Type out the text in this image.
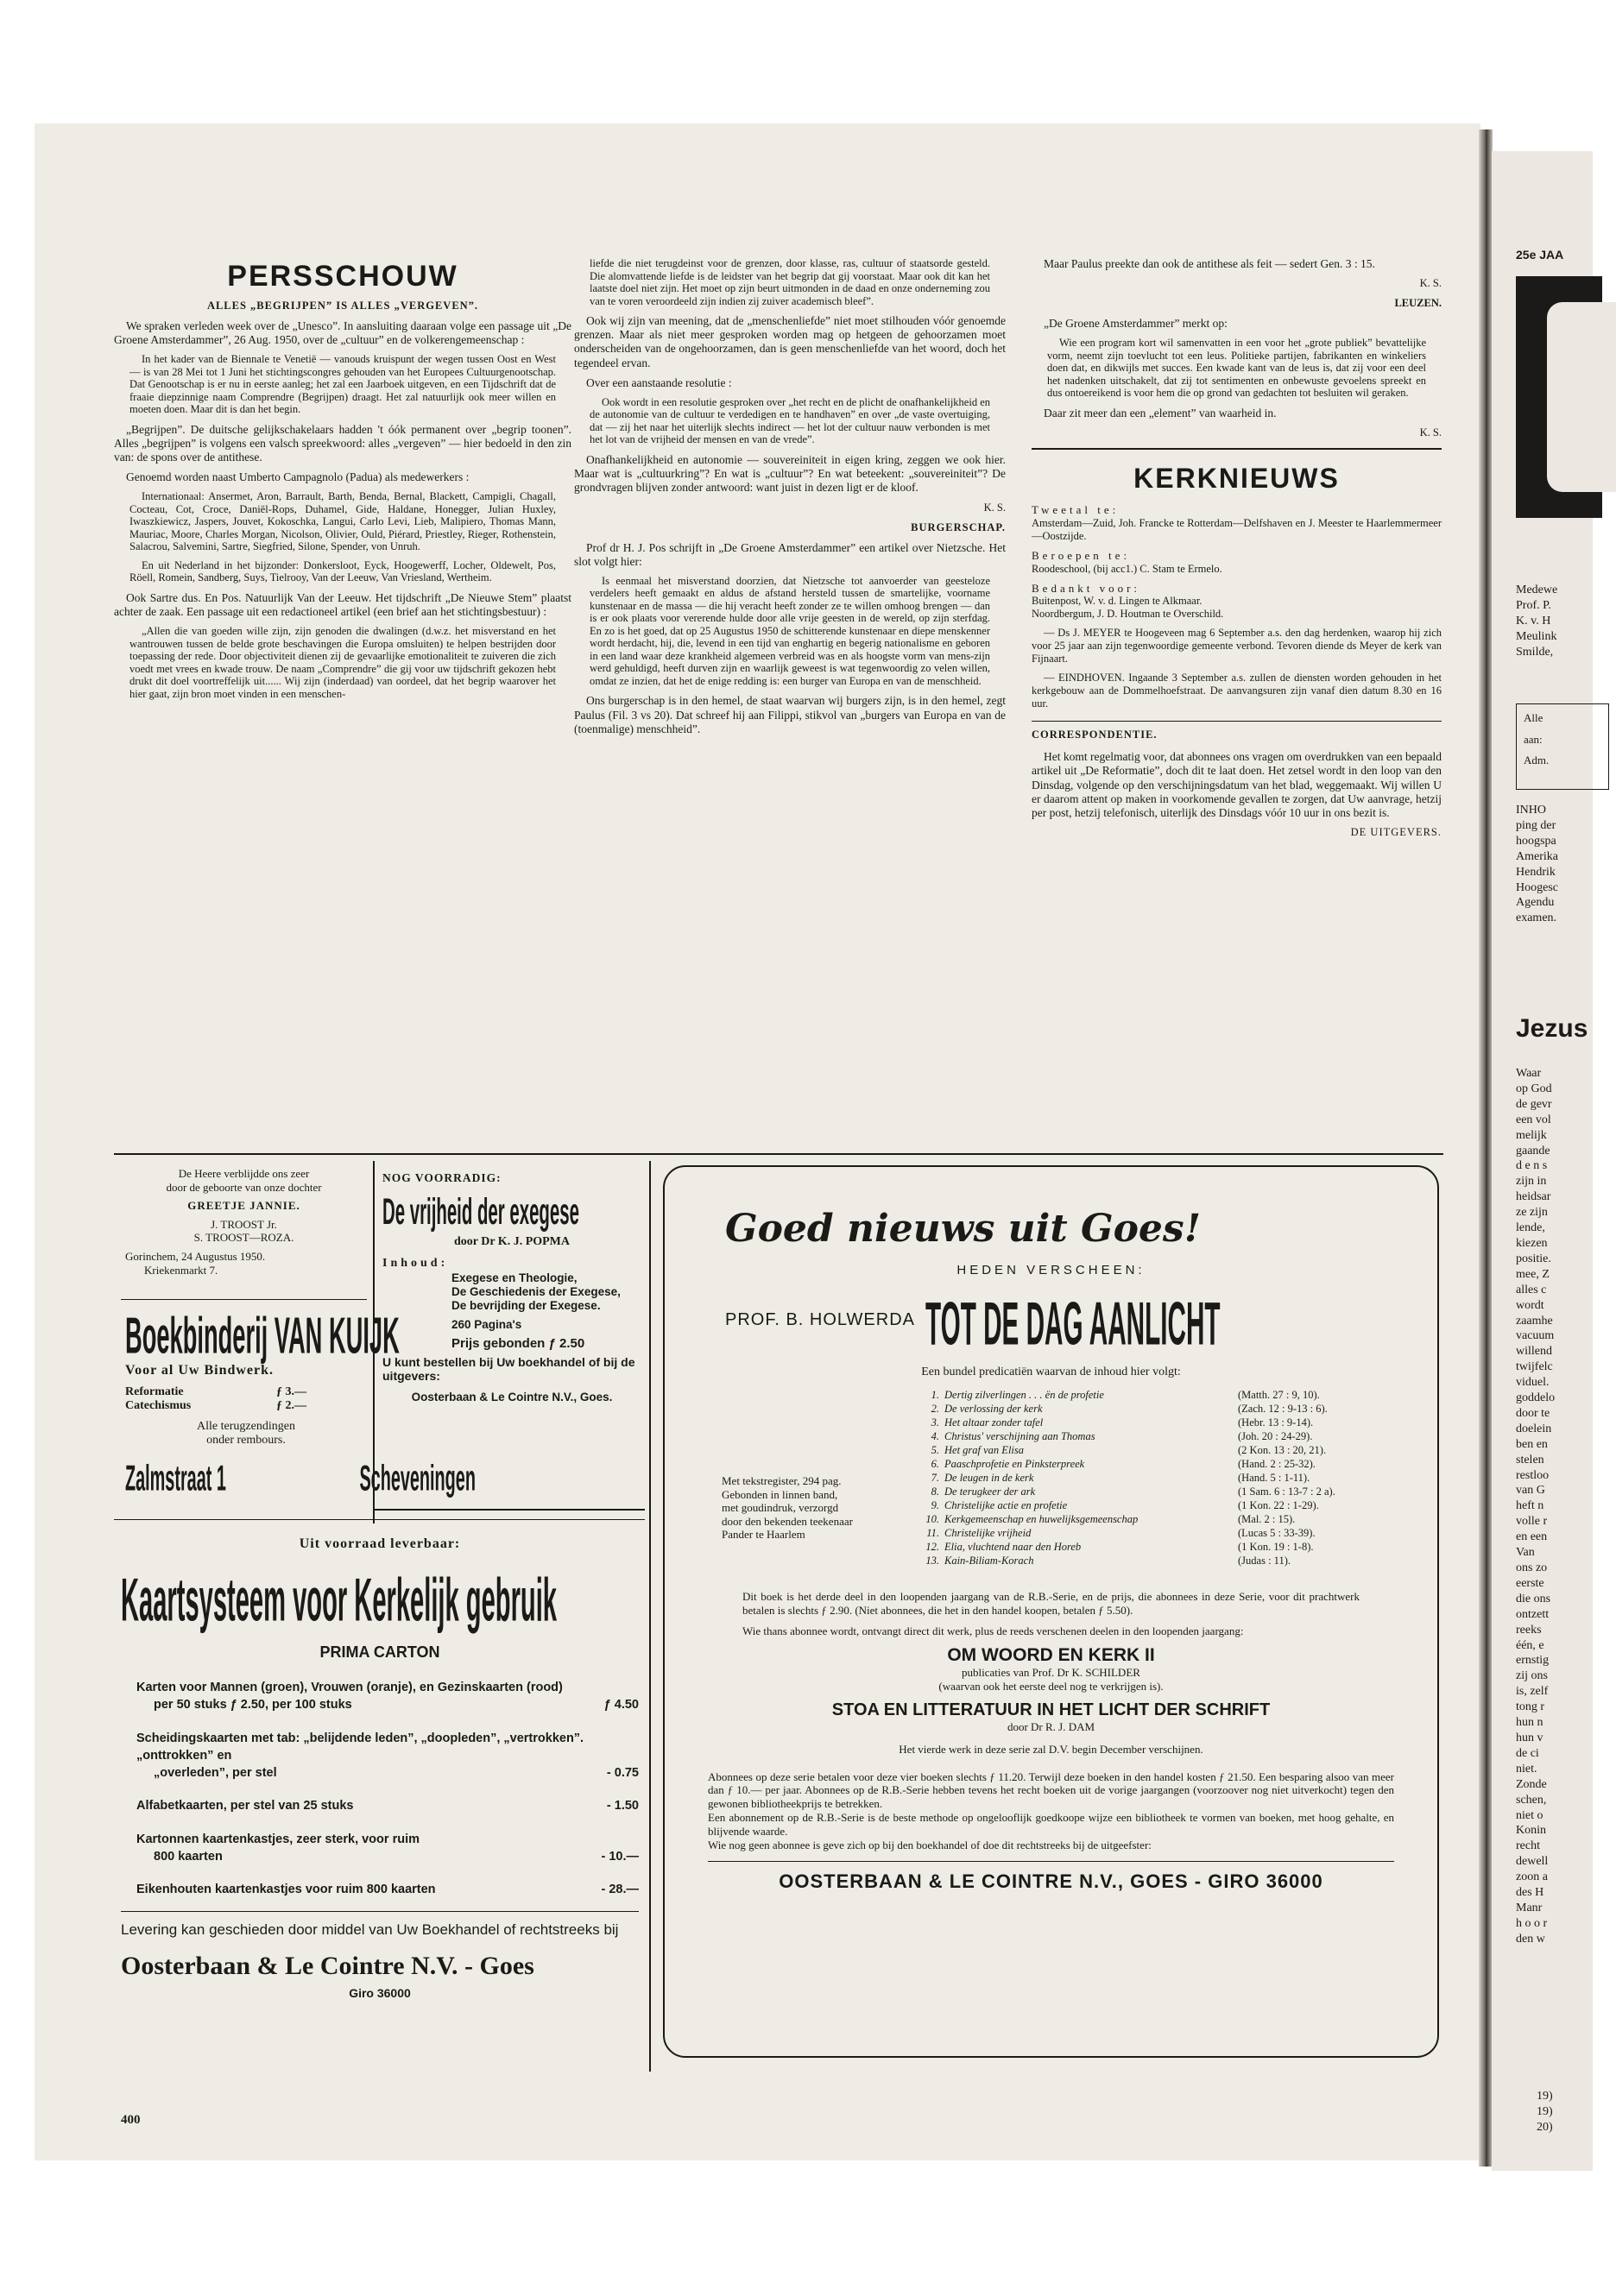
PERSSCHOUW
ALLES „BEGRIJPEN” IS ALLES „VERGEVEN”.

We spraken verleden week over de „Unesco”. In aansluiting daaraan volge een passage uit „De Groene Amsterdammer”, 26 Aug. 1950, over de „cultuur” en de volkerengemeenschap :

In het kader van de Biennale te Venetië — vanouds kruispunt der wegen tussen Oost en West — is van 28 Mei tot 1 Juni het stichtingscongres gehouden van het Europees Cultuurgenootschap. Dat Genootschap is er nu in eerste aanleg; het zal een Jaarboek uitgeven, en een Tijdschrift dat de fraaie diepzinnige naam Comprendre (Begrijpen) draagt. Het zal natuurlijk ook meer willen en moeten doen. Maar dit is dan het begin.

„Begrijpen”. De duitsche gelijkschakelaars hadden 't óók permanent over „begrip toonen”. Alles „begrijpen” is volgens een valsch spreekwoord: alles „vergeven” — hier bedoeld in den zin van: de spons over de antithese.

Genoemd worden naast Umberto Campagnolo (Padua) als medewerkers :

Internationaal: Ansermet, Aron, Barrault, Barth, Benda, Bernal, Blackett, Campigli, Chagall, Cocteau, Cot, Croce, Daniël-Rops, Duhamel, Gide, Haldane, Honegger, Julian Huxley, Iwaszkiewicz, Jaspers, Jouvet, Kokoschka, Langui, Carlo Levi, Lieb, Malipiero, Thomas Mann, Mauriac, Moore, Charles Morgan, Nicolson, Olivier, Ould, Piérard, Priestley, Rieger, Rothenstein, Salacrou, Salvemini, Sartre, Siegfried, Silone, Spender, von Unruh.

En uit Nederland in het bijzonder: Donkersloot, Eyck, Hoogewerff, Locher, Oldewelt, Pos, Röell, Romein, Sandberg, Suys, Tielrooy, Van der Leeuw, Van Vriesland, Wertheim.

Ook Sartre dus. En Pos. Natuurlijk Van der Leeuw. Het tijdschrift „De Nieuwe Stem” plaatst achter de zaak. Een passage uit een redactioneel artikel (een brief aan het stichtingsbestuur) :

„Allen die van goeden wille zijn, zijn genoden die dwalingen (d.w.z. het misverstand en het wantrouwen tussen de belde grote beschavingen die Europa omsluiten) te helpen bestrijden door toepassing der rede. Door objectiviteit dienen zij de gevaarlijke emotionaliteit te zuiveren die zich voedt met vrees en kwade trouw. De naam „Comprendre” die gij voor uw tijdschrift gekozen hebt drukt dit doel voortreffelijk uit...... Wij zijn (inderdaad) van oordeel, dat het begrip waarover het hier gaat, zijn bron moet vinden in een menschen-

liefde die niet terugdeinst voor de grenzen, door klasse, ras, cultuur of staatsorde gesteld. Die alomvattende liefde is de leidster van het begrip dat gij voorstaat. Maar ook dit kan het laatste doel niet zijn. Het moet op zijn beurt uitmonden in de daad en onze onderneming zou van te voren veroordeeld zijn indien zij zuiver academisch bleef”.

Ook wij zijn van meening, dat de „menschenliefde” niet moet stilhouden vóór genoemde grenzen. Maar als niet meer gesproken worden mag op hetgeen de gehoorzamen moet onderscheiden van de ongehoorzamen, dan is geen menschenliefde van het woord, doch het tegendeel ervan.

Over een aanstaande resolutie :

Ook wordt in een resolutie gesproken over „het recht en de plicht de onafhankelijkheid en de autonomie van de cultuur te verdedigen en te handhaven” en over „de vaste overtuiging, dat — zij het naar het uiterlijk slechts indirect — het lot der cultuur nauw verbonden is met het lot van de vrijheid der mensen en van de vrede”.

Onafhankelijkheid en autonomie — souvereiniteit in eigen kring, zeggen we ook hier. Maar wat is „cultuurkring”? En wat is „cultuur”? En wat beteekent: „souvereiniteit”? De grondvragen blijven zonder antwoord: want juist in dezen ligt er de kloof.

K. S.
BURGERSCHAP.

Prof dr H. J. Pos schrijft in „De Groene Amsterdammer” een artikel over Nietzsche. Het slot volgt hier:

Is eenmaal het misverstand doorzien, dat Nietzsche tot aanvoerder van geesteloze verdelers heeft gemaakt en aldus de afstand hersteld tussen de smartelijke, voorname kunstenaar en de massa — die hij veracht heeft zonder ze te willen omhoog brengen — dan is er ook plaats voor vererende hulde door alle vrije geesten in de wereld, op zijn sterfdag. En zo is het goed, dat op 25 Augustus 1950 de schitterende kunstenaar en diepe menskenner wordt herdacht, hij, die, levend in een tijd van enghartig en begerig nationalisme en geboren in een land waar deze krankheid algemeen verbreid was en als hoogste vorm van mens-zijn werd gehuldigd, heeft durven zijn en waarlijk geweest is wat tegenwoordig zo velen willen, omdat ze inzien, dat het de enige redding is: een burger van Europa en van de menschheid.

Ons burgerschap is in den hemel, de staat waarvan wij burgers zijn, is in den hemel, zegt Paulus (Fil. 3 vs 20). Dat schreef hij aan Filippi, stikvol van „burgers van Europa en van de (toenmalige) menschheid”.

Maar Paulus preekte dan ook de antithese als feit — sedert Gen. 3 : 15.

K. S.
LEUZEN.

„De Groene Amsterdammer” merkt op:

Wie een program kort wil samenvatten in een voor het „grote publiek” bevattelijke vorm, neemt zijn toevlucht tot een leus. Politieke partijen, fabrikanten en winkeliers doen dat, en dikwijls met succes. Een kwade kant van de leus is, dat zij voor een deel het nadenken uitschakelt, dat zij tot sentimenten en onbewuste gevoelens spreekt en dus ontoereikend is voor hem die op grond van gedachten tot besluiten wil geraken.

Daar zit meer dan een „element” van waarheid in.

K. S.
KERKNIEUWS
Tweetal te:

Amsterdam—Zuid, Joh. Francke te Rotterdam—Delfshaven en J. Meester te Haarlemmermeer—Oostzijde.

Beroepen te:

Roodeschool, (bij acc1.) C. Stam te Ermelo.

Bedankt voor:

Buitenpost, W. v. d. Lingen te Alkmaar.

Noordbergum, J. D. Houtman te Overschild.

— Ds J. MEYER te Hoogeveen mag 6 September a.s. den dag herdenken, waarop hij zich voor 25 jaar aan zijn tegenwoordige gemeente verbond. Tevoren diende ds Meyer de kerk van Fijnaart.

— EINDHOVEN. Ingaande 3 September a.s. zullen de diensten worden gehouden in het kerkgebouw aan de Dommelhoefstraat. De aanvangsuren zijn vanaf dien datum 8.30 en 16 uur.

CORRESPONDENTIE.

Het komt regelmatig voor, dat abonnees ons vragen om overdrukken van een bepaald artikel uit „De Reformatie”, doch dit te laat doen. Het zetsel wordt in den loop van den Dinsdag, volgende op den verschijningsdatum van het blad, weggemaakt. Wij willen U er daarom attent op maken in voorkomende gevallen te zorgen, dat Uw aanvrage, hetzij per post, hetzij telefonisch, uiterlijk des Dinsdags vóór 10 uur in ons bezit is.

DE UITGEVERS.
De Heere verblijdde ons zeer
door de geboorte van onze dochter
GREETJE JANNIE.
J. TROOST Jr.
S. TROOST—ROZA.
Gorinchem, 24 Augustus 1950.
Kriekenmarkt 7.
Boekbinderij VAN KUIJK
Voor al Uw Bindwerk.
Reformatie	ƒ 3.—
Catechismus	ƒ 2.—
Alle terugzendingen
onder rembours.
Zalmstraat 1	Scheveningen
NOG VOORRADIG:
De vrijheid der exegese
door Dr K. J. POPMA
Inhoud:
Exegese en Theologie,
De Geschiedenis der Exegese,
De bevrijding der Exegese.
260 Pagina's
Prijs gebonden ƒ 2.50
U kunt bestellen bij Uw boekhandel of bij de uitgevers:
Oosterbaan & Le Cointre N.V., Goes.
Uit voorraad leverbaar:
Kaartsysteem voor Kerkelijk gebruik
PRIMA CARTON
Karten voor Mannen (groen), Vrouwen (oranje), en Gezinskaarten (rood)
per 50 stuks ƒ 2.50, per 100 stuks	ƒ 4.50
Scheidingskaarten met tab: „belijdende leden”, „doopleden”, „vertrokken”. „onttrokken” en
„overleden”, per stel	- 0.75
Alfabetkaarten, per stel van 25 stuks	- 1.50
Kartonnen kaartenkastjes, zeer sterk, voor ruim
800 kaarten	- 10.—
Eikenhouten kaartenkastjes voor ruim 800 kaarten	- 28.—
Levering kan geschieden door middel van Uw Boekhandel of rechtstreeks bij
Oosterbaan & Le Cointre N.V. - Goes
Giro 36000
Goed nieuws uit Goes!
HEDEN VERSCHEEN:
PROF. B. HOLWERDA TOT DE DAG AANLICHT
Een bundel predicatiën waarvan de inhoud hier volgt:
Met tekstregister, 294 pag.
Gebonden in linnen band,
met goudindruk, verzorgd
door den bekenden teekenaar
Pander te Haarlem
1. Dertig zilverlingen . . . ën de profetie	(Matth. 27 : 9, 10).
2. De verlossing der kerk	(Zach. 12 : 9-13 : 6).
3. Het altaar zonder tafel	(Hebr. 13 : 9-14).
4. Christus' verschijning aan Thomas	(Joh. 20 : 24-29).
5. Het graf van Elisa	(2 Kon. 13 : 20, 21).
6. Paaschprofetie en Pinksterpreek	(Hand. 2 : 25-32).
7. De leugen in de kerk	(Hand. 5 : 1-11).
8. De terugkeer der ark	(1 Sam. 6 : 13-7 : 2 a).
9. Christelijke actie en profetie	(1 Kon. 22 : 1-29).
10. Kerkgemeenschap en huwelijksgemeenschap	(Mal. 2 : 15).
11. Christelijke vrijheid	(Lucas 5 : 33-39).
12. Elia, vluchtend naar den Horeb	(1 Kon. 19 : 1-8).
13. Kain-Biliam-Korach	(Judas : 11).

Dit boek is het derde deel in den loopenden jaargang van de R.B.-Serie, en de prijs, die abonnees in deze Serie, voor dit prachtwerk betalen is slechts ƒ 2.90. (Niet abonnees, die het in den handel koopen, betalen ƒ 5.50).

Wie thans abonnee wordt, ontvangt direct dit werk, plus de reeds verschenen deelen in den loopenden jaargang:

OM WOORD EN KERK II
publicaties van Prof. Dr K. SCHILDER
(waarvan ook het eerste deel nog te verkrijgen is).
STOA EN LITTERATUUR IN HET LICHT DER SCHRIFT
door Dr R. J. DAM
Het vierde werk in deze serie zal D.V. begin December verschijnen.

Abonnees op deze serie betalen voor deze vier boeken slechts ƒ 11.20. Terwijl deze boeken in den handel kosten ƒ 21.50. Een besparing alsoo van meer dan ƒ 10.— per jaar. Abonnees op de R.B.-Serie hebben tevens het recht boeken uit de vorige jaargangen (voorzoover nog niet uitverkocht) tegen den gewonen bibliotheekprijs te betrekken.

Een abonnement op de R.B.-Serie is de beste methode op ongelooflijk goedkoope wijze een bibliotheek te vormen van boeken, met hoog gehalte, en blijvende waarde.

Wie nog geen abonnee is geve zich op bij den boekhandel of doe dit rechtstreeks bij de uitgeefster:

OOSTERBAAN & LE COINTRE N.V., GOES - GIRO 36000
400
25e JAA

Medewe

Prof. P.

K. v. H

Meulink

Smilde,

Alle
aan:
Adm.

INHO

ping der

hoogspa

Amerika

Hendrik

Hoogesc

Agendu

examen.

Jezus

Waar

op God

de gevr

een vol

melijk

gaande

d e n s

zijn in

heidsar

ze zijn

lende,

kiezen

positie.

mee, Z

alles c

wordt

zaamhe

vacuum

willend

twijfelc

viduel.

goddelo

door te

doelein

ben en

stelen

restloo

van G

heft n

volle r

en een

Van

ons zo

eerste

die ons

ontzett

reeks

één, e

ernstig

zij ons

is, zelf

tong r

hun n

hun v

de ci

niet.

Zonde

schen,

niet o

Konin

recht

dewell

zoon a

des H

Manr

h o o r

den w

19)

19)

20)
